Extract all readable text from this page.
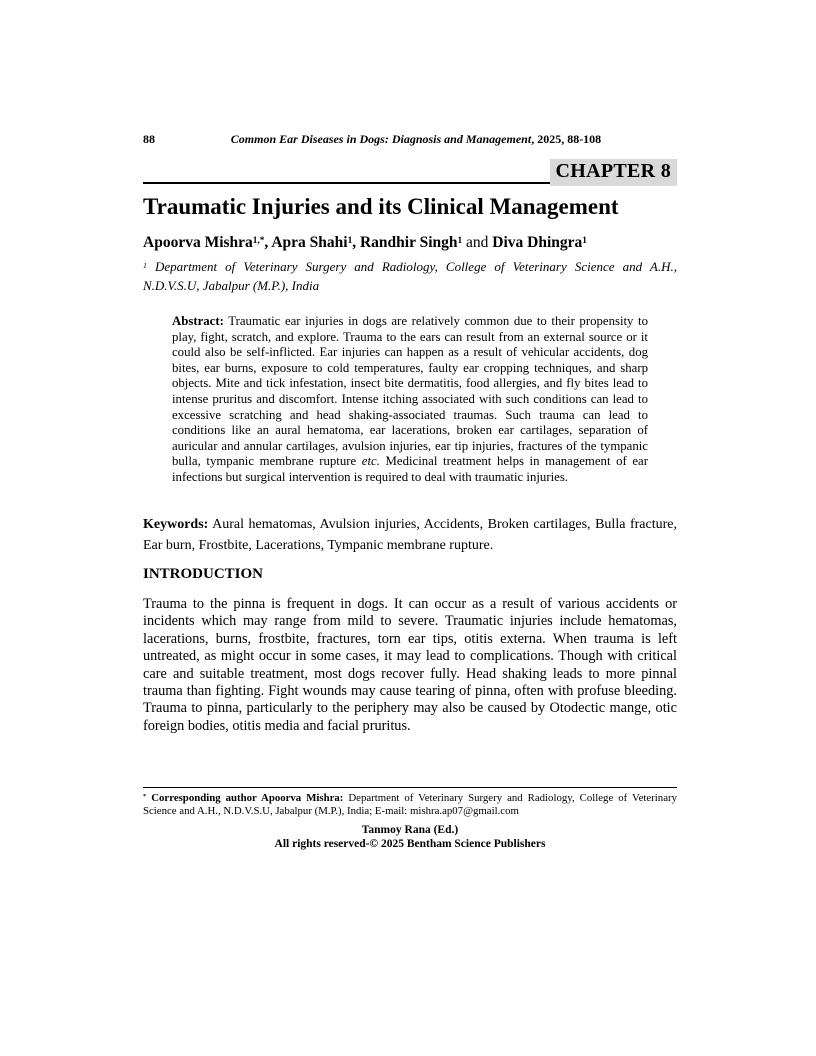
88	Common Ear Diseases in Dogs: Diagnosis and Management, 2025, 88-108
CHAPTER 8
Traumatic Injuries and its Clinical Management

Apoorva Mishra$^{1,*}$, Apra Shahi$^1$, Randhir Singh$^1$ and Diva Dhingra$^1$

$^1$ Department of Veterinary Surgery and Radiology, College of Veterinary Science and A.H., N.D.V.S.U, Jabalpur (M.P.), India

Abstract: Traumatic ear injuries in dogs are relatively common due to their propensity to play, fight, scratch, and explore. Trauma to the ears can result from an external source or it could also be self-inflicted. Ear injuries can happen as a result of vehicular accidents, dog bites, ear burns, exposure to cold temperatures, faulty ear cropping techniques, and sharp objects. Mite and tick infestation, insect bite dermatitis, food allergies, and fly bites lead to intense pruritus and discomfort. Intense itching associated with such conditions can lead to excessive scratching and head shaking-associated traumas. Such trauma can lead to conditions like an aural hematoma, ear lacerations, broken ear cartilages, separation of auricular and annular cartilages, avulsion injuries, ear tip injuries, fractures of the tympanic bulla, tympanic membrane rupture etc. Medicinal treatment helps in management of ear infections but surgical intervention is required to deal with traumatic injuries.

Keywords: Aural hematomas, Avulsion injuries, Accidents, Broken cartilages, Bulla fracture, Ear burn, Frostbite, Lacerations, Tympanic membrane rupture.

INTRODUCTION

Trauma to the pinna is frequent in dogs. It can occur as a result of various accidents or incidents which may range from mild to severe. Traumatic injuries include hematomas, lacerations, burns, frostbite, fractures, torn ear tips, otitis externa. When trauma is left untreated, as might occur in some cases, it may lead to complications. Though with critical care and suitable treatment, most dogs recover fully. Head shaking leads to more pinnal trauma than fighting. Fight wounds may cause tearing of pinna, often with profuse bleeding. Trauma to pinna, particularly to the periphery may also be caused by Otodectic mange, otic foreign bodies, otitis media and facial pruritus.

* Corresponding author Apoorva Mishra: Department of Veterinary Surgery and Radiology, College of Veterinary Science and A.H., N.D.V.S.U, Jabalpur (M.P.), India; E-mail: mishra.ap07@gmail.com
Tanmoy Rana (Ed.)
All rights reserved-© 2025 Bentham Science Publishers
